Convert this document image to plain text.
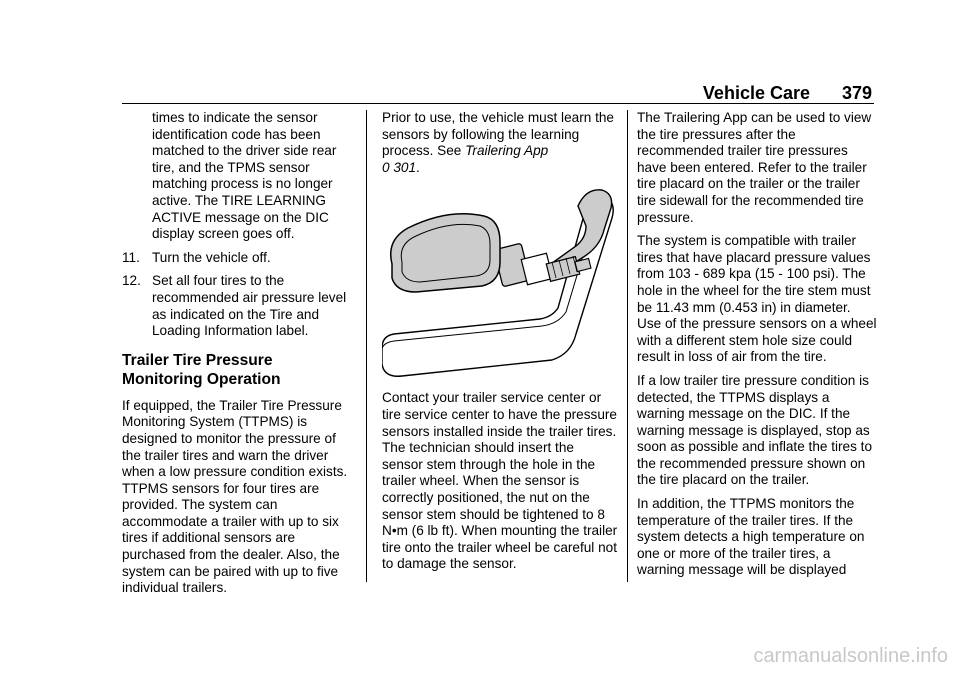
Vehicle Care 379

times to indicate the sensor identification code has been matched to the driver side rear tire, and the TPMS sensor matching process is no longer active. The TIRE LEARNING ACTIVE message on the DIC display screen goes off.

11. Turn the vehicle off.
12. Set all four tires to the recommended air pressure level as indicated on the Tire and Loading Information label.
Trailer Tire Pressure Monitoring Operation

If equipped, the Trailer Tire Pressure Monitoring System (TTPMS) is designed to monitor the pressure of the trailer tires and warn the driver when a low pressure condition exists. TTPMS sensors for four tires are provided. The system can accommodate a trailer with up to six tires if additional sensors are purchased from the dealer. Also, the system can be paired with up to five individual trailers.

Prior to use, the vehicle must learn the sensors by following the learning process. See Trailering App
0 301.

Contact your trailer service center or tire service center to have the pressure sensors installed inside the trailer tires. The technician should insert the sensor stem through the hole in the trailer wheel. When the sensor is correctly positioned, the nut on the sensor stem should be tightened to 8 N•m (6 lb ft). When mounting the trailer tire onto the trailer wheel be careful not to damage the sensor.

The Trailering App can be used to view the tire pressures after the recommended trailer tire pressures have been entered. Refer to the trailer tire placard on the trailer or the trailer tire sidewall for the recommended tire pressure.

The system is compatible with trailer tires that have placard pressure values from 103 - 689 kpa (15 - 100 psi). The hole in the wheel for the tire stem must be 11.43 mm (0.453 in) in diameter. Use of the pressure sensors on a wheel with a different stem hole size could result in loss of air from the tire.

If a low trailer tire pressure condition is detected, the TTPMS displays a warning message on the DIC. If the warning message is displayed, stop as soon as possible and inflate the tires to the recommended pressure shown on the tire placard on the trailer.

In addition, the TTPMS monitors the temperature of the trailer tires. If the system detects a high temperature on one or more of the trailer tires, a warning message will be displayed

carmanualsonline.info
